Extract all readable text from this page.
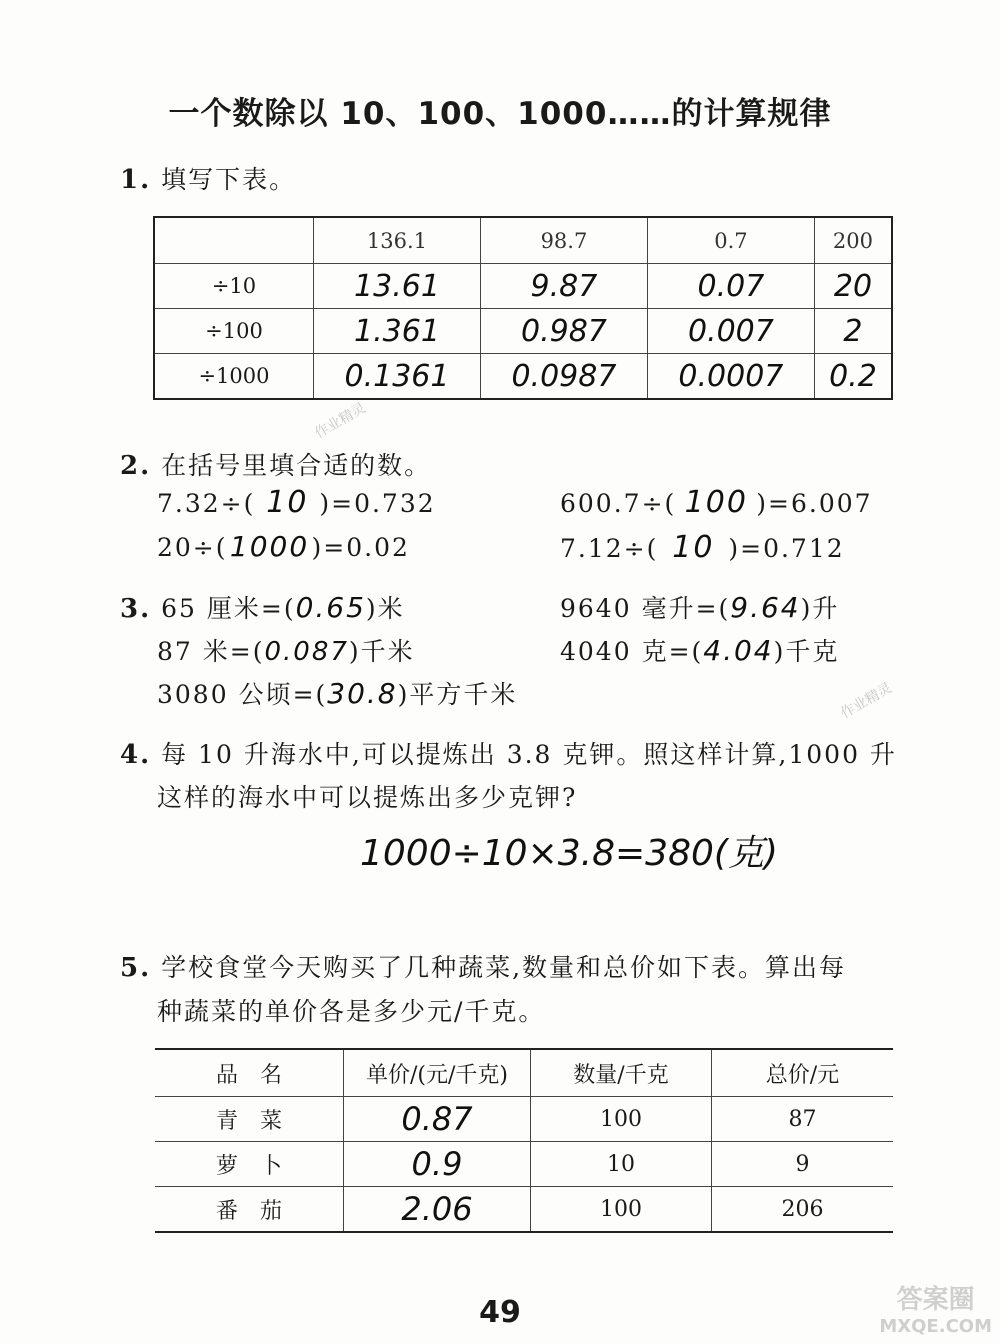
一个数除以 10、100、1000……的计算规律
1. 填写下表。
	136.1	98.7	0.7	200
÷10	13.61	9.87	0.07	20
÷100	1.361	0.987	0.007	2
÷1000	0.1361	0.0987	0.0007	0.2
作业精灵
2. 在括号里填合适的数。
7.32÷( 10 )=0.732	600.7÷( 100 )=6.007
20÷(1000)=0.02	7.12÷( 10 )=0.712
3. 65 厘米=(0.65)米	9640 毫升=(9.64)升
87 米=(0.087)千米	4040 克=(4.04)千克
3080 公顷=(30.8)平方千米	作业精灵
4. 每 10 升海水中,可以提炼出 3.8 克钾。照这样计算,1000 升
这样的海水中可以提炼出多少克钾?
1000÷10×3.8=380(克)
5. 学校食堂今天购买了几种蔬菜,数量和总价如下表。算出每
种蔬菜的单价各是多少元/千克。
品　名	单价/(元/千克)	数量/千克	总价/元
青　菜	0.87	100	87
萝　卜	0.9	10	9
番　茄	2.06	100	206
49	答案圈
MXQE.COM
